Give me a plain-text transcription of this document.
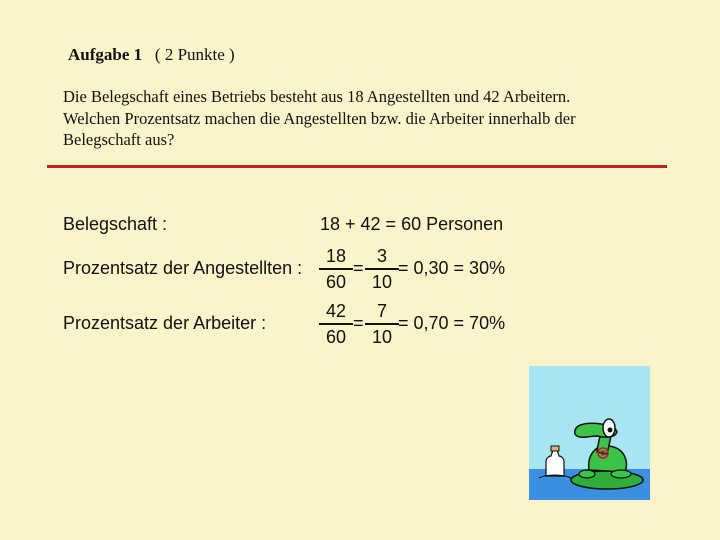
Aufgabe 1 ( 2 Punkte )
Die Belegschaft eines Betriebs besteht aus 18 Angestellten und 42 Arbeitern.
Welchen Prozentsatz machen die Angestellten bzw. die Arbeiter innerhalb der
Belegschaft aus?
Belegschaft :	18 + 42 = 60 Personen
Prozentsatz der Angestellten :
18
60
=
3
10
= 0,30 = 30%
Prozentsatz der Arbeiter :
42
60
=
7
10
= 0,70 = 70%
